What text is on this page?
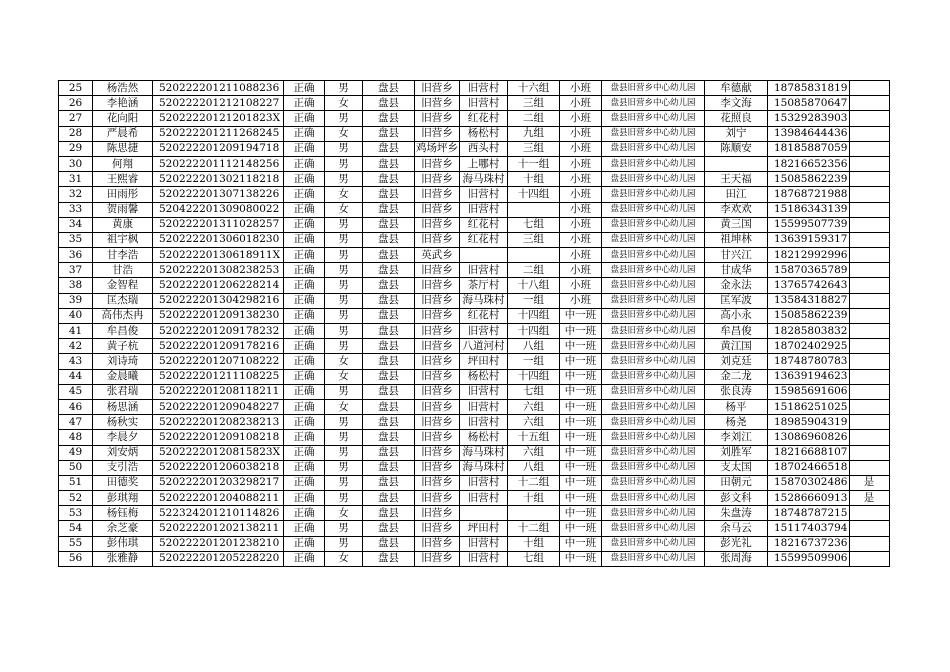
25	杨浩然	520222201211088236	正确	男	盘县	旧营乡	旧营村	十六组	小班	盘县旧营乡中心幼儿园	牟德献	18785831819	
26	李艳涵	520222201212108227	正确	女	盘县	旧营乡	旧营村	三组	小班	盘县旧营乡中心幼儿园	李文海	15085870647	
27	花向阳	52022220121201823X	正确	男	盘县	旧营乡	红花村	二组	小班	盘县旧营乡中心幼儿园	花照良	15329283903	
28	严晨希	520222201211268245	正确	女	盘县	旧营乡	杨松村	九组	小班	盘县旧营乡中心幼儿园	刘宁	13984644436	
29	陈思捷	520222201209194718	正确	男	盘县	鸡场坪乡	西头村	三组	小班	盘县旧营乡中心幼儿园	陈顺安	18185887059	
30	何翔	520222201112148256	正确	男	盘县	旧营乡	上哪村	十一组	小班	盘县旧营乡中心幼儿园		18216652356	
31	王熙睿	520222201302118218	正确	男	盘县	旧营乡	海马珠村	十组	小班	盘县旧营乡中心幼儿园	王天福	15085862239	
32	田雨彤	520222201307138226	正确	女	盘县	旧营乡	旧营村	十四组	小班	盘县旧营乡中心幼儿园	田江	18768721988	
33	贺雨馨	520422201309080022	正确	女	盘县	旧营乡	旧营村		小班	盘县旧营乡中心幼儿园	李欢欢	15186343139	
34	黄康	520222201311028257	正确	男	盘县	旧营乡	红花村	七组	小班	盘县旧营乡中心幼儿园	黄三国	15599507739	
35	祖宇枫	520222201306018230	正确	男	盘县	旧营乡	红花村	三组	小班	盘县旧营乡中心幼儿园	祖坤林	13639159317	
36	甘李浩	52022220130618911X	正确	男	盘县	英武乡			小班	盘县旧营乡中心幼儿园	甘兴江	18212992996	
37	甘浩	520222201308238253	正确	男	盘县	旧营乡	旧营村	二组	小班	盘县旧营乡中心幼儿园	甘成华	15870365789	
38	金智程	520222201206228214	正确	男	盘县	旧营乡	茶厅村	十八组	小班	盘县旧营乡中心幼儿园	金永法	13765742643	
39	匡杰瑞	520222201304298216	正确	男	盘县	旧营乡	海马珠村	一组	小班	盘县旧营乡中心幼儿园	匡军波	13584318827	
40	高伟杰冉	520222201209138230	正确	男	盘县	旧营乡	红花村	十四组	中一班	盘县旧营乡中心幼儿园	高小永	15085862239	
41	牟昌俊	520222201209178232	正确	男	盘县	旧营乡	旧营村	十四组	中一班	盘县旧营乡中心幼儿园	牟昌俊	18285803832	
42	黄子杭	520222201209178216	正确	男	盘县	旧营乡	八道河村	八组	中一班	盘县旧营乡中心幼儿园	黄江国	18702402925	
43	刘诗琦	520222201207108222	正确	女	盘县	旧营乡	坪田村	一组	中一班	盘县旧营乡中心幼儿园	刘克廷	18748780783	
44	金晨曦	520222201211108225	正确	女	盘县	旧营乡	杨松村	十四组	中一班	盘县旧营乡中心幼儿园	金二龙	13639194623	
45	张君瑞	520222201208118211	正确	男	盘县	旧营乡	旧营村	七组	中一班	盘县旧营乡中心幼儿园	张良涛	15985691606	
46	杨思涵	520222201209048227	正确	女	盘县	旧营乡	旧营村	六组	中一班	盘县旧营乡中心幼儿园	杨平	15186251025	
47	杨秋实	520222201208238213	正确	男	盘县	旧营乡	旧营村	六组	中一班	盘县旧营乡中心幼儿园	杨尧	18985904319	
48	李晨夕	520222201209108218	正确	男	盘县	旧营乡	杨松村	十五组	中一班	盘县旧营乡中心幼儿园	李刘江	13086960826	
49	刘安炳	52022220120815823X	正确	男	盘县	旧营乡	海马珠村	六组	中一班	盘县旧营乡中心幼儿园	刘胜军	18216688107	
50	支引浩	520222201206038218	正确	男	盘县	旧营乡	海马珠村	八组	中一班	盘县旧营乡中心幼儿园	支太国	18702466518	
51	田德奖	520222201203298217	正确	男	盘县	旧营乡	旧营村	十二组	中一班	盘县旧营乡中心幼儿园	田朝元	15870302486	是
52	彭琪翔	520222201204088211	正确	男	盘县	旧营乡	旧营村	十组	中一班	盘县旧营乡中心幼儿园	彭文科	15286660913	是
53	杨钰梅	522324201210114826	正确	女	盘县	旧营乡			中一班	盘县旧营乡中心幼儿园	朱盘涛	18748787215	
54	余芝豪	520222201202138211	正确	男	盘县	旧营乡	坪田村	十二组	中一班	盘县旧营乡中心幼儿园	余马云	15117403794	
55	彭伟琪	520222201201238210	正确	男	盘县	旧营乡	旧营村	十组	中一班	盘县旧营乡中心幼儿园	彭光礼	18216737236	
56	张雅静	520222201205228220	正确	女	盘县	旧营乡	旧营村	七组	中一班	盘县旧营乡中心幼儿园	张周海	15599509906	
